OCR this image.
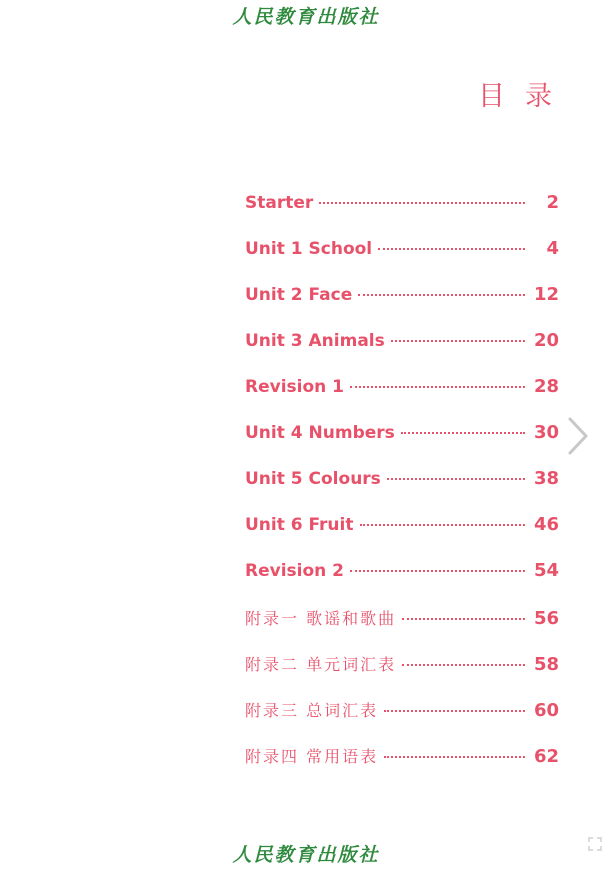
人民教育出版社
目录
Starter	2
Unit 1 School	4
Unit 2 Face	12
Unit 3 Animals	20
Revision 1	28
Unit 4 Numbers	30
Unit 5 Colours	38
Unit 6 Fruit	46
Revision 2	54
附录一 歌谣和歌曲	56
附录二 单元词汇表	58
附录三 总词汇表	60
附录四 常用语表	62
人民教育出版社
